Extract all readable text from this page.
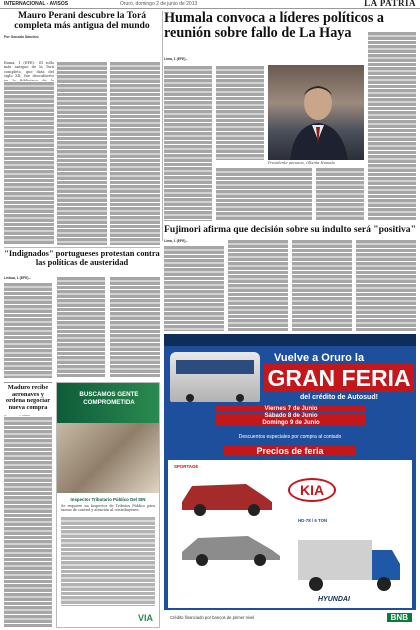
INTERNACIONAL - AVISOS	Oruro, domingo 2 de junio de 2013	LA PATRIA
Mauro Perani descubre la Torá completa más antigua del mundo
Por Gonzalo Sánchez
Roma, 1 (EFE).- El rollo más antiguo de la Torá completo, que data del siglo XII, fue descubierto
Humala convoca a líderes políticos a reunión sobre fallo de La Haya
Lima, 1 (EFE).-
Presidente peruano, Ollanta Humala
"Indignados" portugueses protestan contra las políticas de austeridad
Lisboa, 1 (EFE).-
Maduro recibe aeronaves y ordena negociar nueva compra
BUSCAMOS GENTE COMPROMETIDA
Inspector Tributario Público Del SIN
Se requiere un Inspector de Tributos Público para tareas de control y atención al contribuyente.
VIA
Fujimori afirma que decisión sobre su indulto será "positiva"
Lima, 1 (EFE).-
Vuelve a Oruro la
GRAN FERIA
del crédito de Autosud!
Viernes 7 de Junio
Sábado 8 de Junio
Domingo 9 de Junio
Descuentos especiales por compra al contado
Precios de feria
SPORTAGE
KIA
HD-78 / 6 TON
HYUNDAI
Crédito financiado por bancos de primer nivel	BNB
